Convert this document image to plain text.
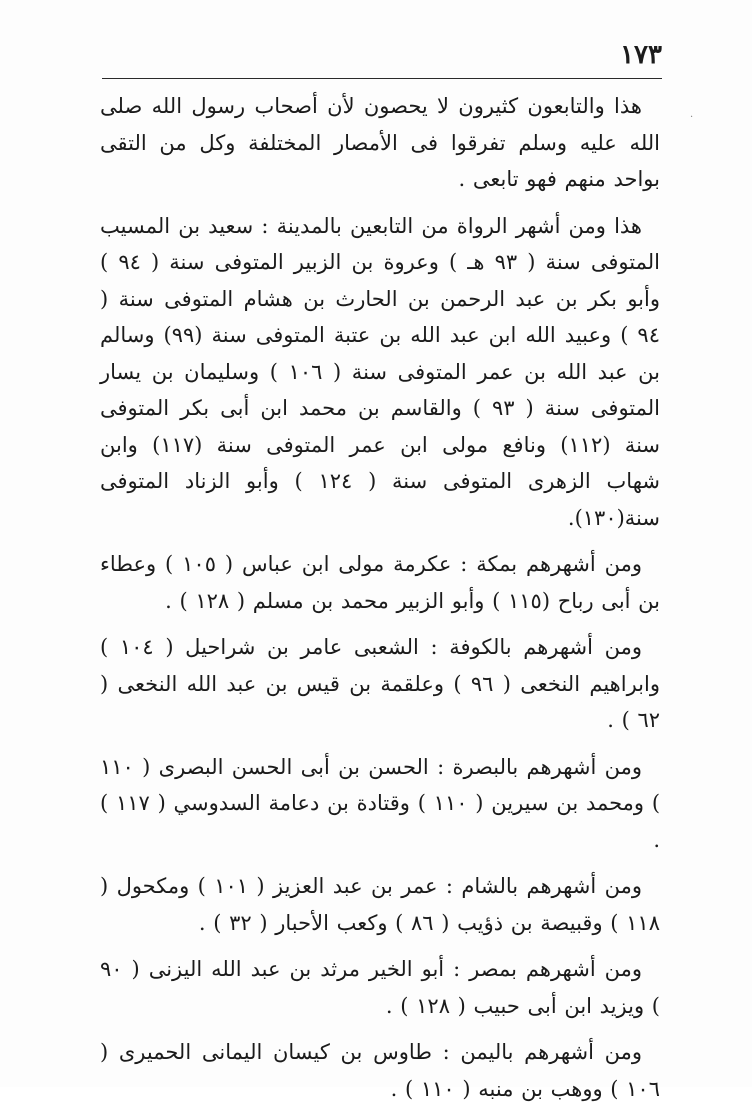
١٧٣
·

هذا والتابعون كثيرون لا يحصون لأن أصحاب رسول الله صلى الله عليه وسلم تفرقوا فى الأمصار المختلفة وكل من التقى بواحد منهم فهو تابعى .

هذا ومن أشهر الرواة من التابعين بالمدينة : سعيد بن المسيب المتوفى سنة ( ٩٣ هـ ) وعروة بن الزبير المتوفى سنة ( ٩٤ ) وأبو بكر بن عبد الرحمن بن الحارث بن هشام المتوفى سنة ( ٩٤ ) وعبيد الله ابن عبد الله بن عتبة المتوفى سنة (٩٩) وسالم بن عبد الله بن عمر المتوفى سنة ( ١٠٦ ) وسليمان بن يسار المتوفى سنة ( ٩٣ ) والقاسم بن محمد ابن أبى بكر المتوفى سنة (١١٢) ونافع مولى ابن عمر المتوفى سنة (١١٧) وابن شهاب الزهرى المتوفى سنة ( ١٢٤ ) وأبو الزناد المتوفى سنة(١٣٠).

ومن أشهرهم بمكة : عكرمة مولى ابن عباس ( ١٠٥ ) وعطاء بن أبى رباح (١١٥ ) وأبو الزبير محمد بن مسلم ( ١٢٨ ) .

ومن أشهرهم بالكوفة : الشعبى عامر بن شراحيل ( ١٠٤ ) وابراهيم النخعى ( ٩٦ ) وعلقمة بن قيس بن عبد الله النخعى ( ٦٢ ) .

ومن أشهرهم بالبصرة : الحسن بن أبى الحسن البصرى ( ١١٠ ) ومحمد بن سيرين ( ١١٠ ) وقتادة بن دعامة السدوسي ( ١١٧ ) .

ومن أشهرهم بالشام : عمر بن عبد العزيز ( ١٠١ ) ومكحول ( ١١٨ ) وقبيصة بن ذؤيب ( ٨٦ ) وكعب الأحبار ( ٣٢ ) .

ومن أشهرهم بمصر : أبو الخير مرثد بن عبد الله اليزنى ( ٩٠ ) ويزيد ابن أبى حبيب ( ١٢٨ ) .

ومن أشهرهم باليمن : طاوس بن كيسان اليمانى الحميرى ( ١٠٦ ) ووهب بن منبه ( ١١٠ ) .
